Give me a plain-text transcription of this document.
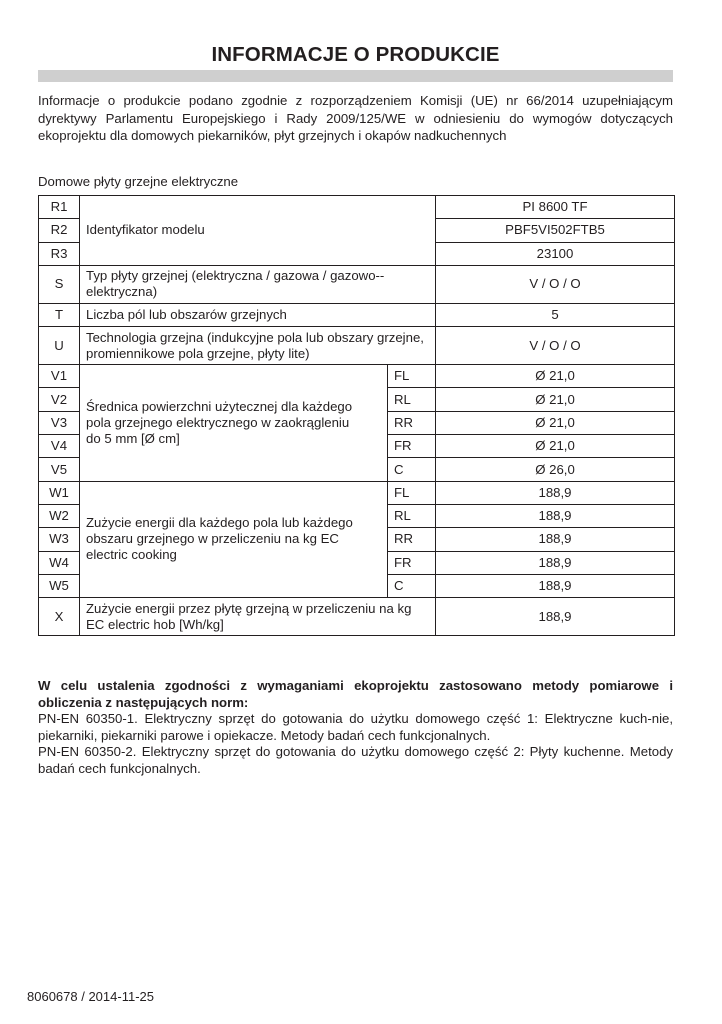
INFORMACJE O PRODUKCIE
Informacje o produkcie podano zgodnie z rozporządzeniem Komisji (UE) nr 66/2014 uzupełniającym dyrektywy Parlamentu Europejskiego i Rady 2009/125/WE w odniesieniu do wymogów dotyczących ekoprojektu dla domowych piekarników, płyt grzejnych i okapów nadkuchennych
Domowe płyty grzejne elektryczne
R1	Identyfikator modelu		PI 8600 TF
R2			PBF5VI502FTB5
R3			23100
S	Typ płyty grzejnej (elektryczna / gazowa / gazowo--elektryczna)		V / O / O
T	Liczba pól lub obszarów grzejnych		5
U	Technologia grzejna (indukcyjne pola lub obszary grzejne, promiennikowe pola grzejne, płyty lite)		V / O / O
V1	Średnica powierzchni użytecznej dla każdego pola grzejnego elektrycznego w zaokrągleniu do 5 mm [Ø cm]	FL	Ø 21,0
V2		RL	Ø 21,0
V3		RR	Ø 21,0
V4		FR	Ø 21,0
V5		C	Ø 26,0
W1	Zużycie energii dla każdego pola lub każdego obszaru grzejnego w przeliczeniu na kg EC electric cooking	FL	188,9
W2		RL	188,9
W3		RR	188,9
W4		FR	188,9
W5		C	188,9
X	Zużycie energii przez płytę grzejną w przeliczeniu na kg EC electric hob [Wh/kg]		188,9

W celu ustalenia zgodności z wymaganiami ekoprojektu zastosowano metody pomiarowe i obliczenia z następujących norm:

PN-EN 60350-1. Elektryczny sprzęt do gotowania do użytku domowego część 1: Elektryczne kuch-nie, piekarniki, piekarniki parowe i opiekacze. Metody badań cech funkcjonalnych.

PN-EN 60350-2. Elektryczny sprzęt do gotowania do użytku domowego część 2: Płyty kuchenne. Metody badań cech funkcjonalnych.

8060678 / 2014-11-25
